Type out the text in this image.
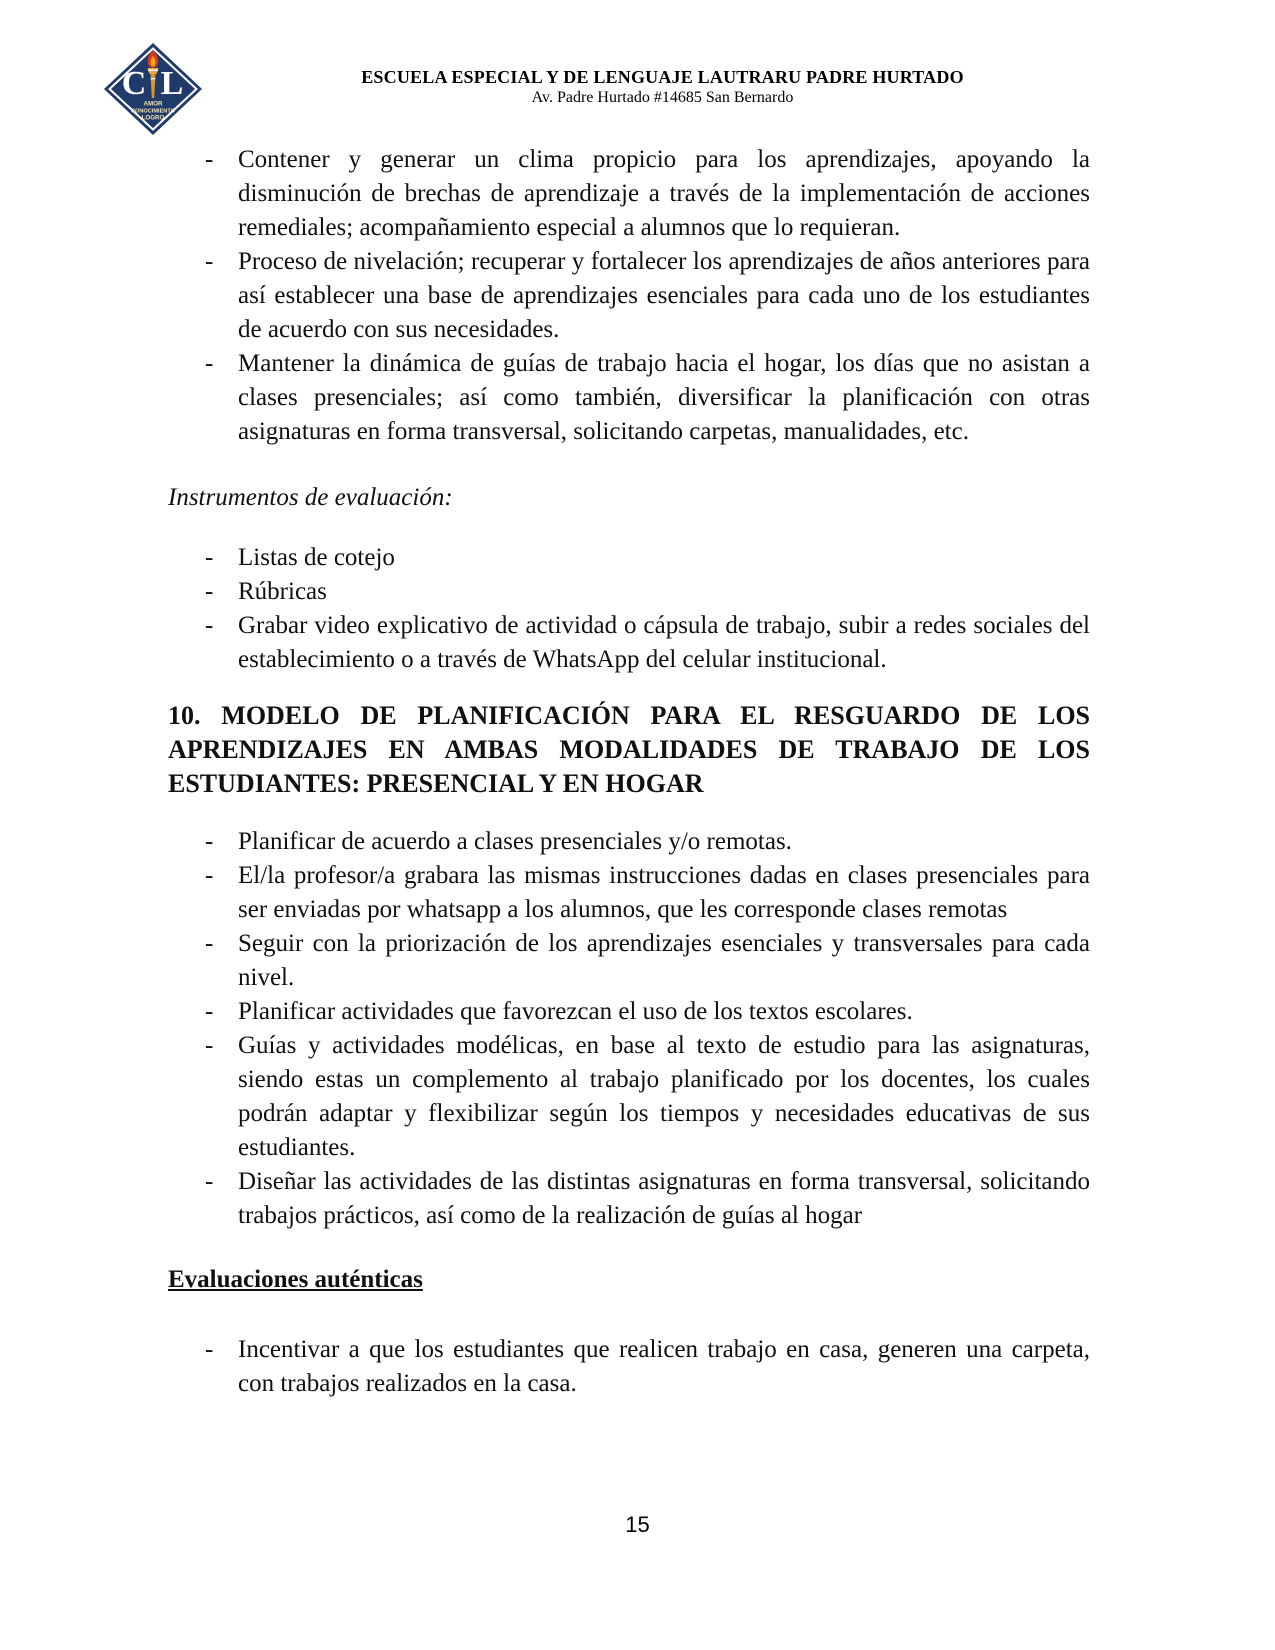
C L
AMOR
CONOCIMIENTO
LOGRO
ESCUELA ESPECIAL Y DE LENGUAJE LAUTRARU PADRE HURTADO
Av. Padre Hurtado #14685 San Bernardo
- Contener y generar un clima propicio para los aprendizajes, apoyando la disminución de brechas de aprendizaje a través de la implementación de acciones remediales; acompañamiento especial a alumnos que lo requieran.
- Proceso de nivelación; recuperar y fortalecer los aprendizajes de años anteriores para así establecer una base de aprendizajes esenciales para cada uno de los estudiantes de acuerdo con sus necesidades.
- Mantener la dinámica de guías de trabajo hacia el hogar, los días que no asistan a clases presenciales; así como también, diversificar la planificación con otras asignaturas en forma transversal, solicitando carpetas, manualidades, etc.

Instrumentos de evaluación:

- Listas de cotejo
- Rúbricas
- Grabar video explicativo de actividad o cápsula de trabajo, subir a redes sociales del establecimiento o a través de WhatsApp del celular institucional.
10. MODELO DE PLANIFICACIÓN PARA EL RESGUARDO DE LOS APRENDIZAJES EN AMBAS MODALIDADES DE TRABAJO DE LOS ESTUDIANTES: PRESENCIAL Y EN HOGAR
- Planificar de acuerdo a clases presenciales y/o remotas.
- El/la profesor/a grabara las mismas instrucciones dadas en clases presenciales para ser enviadas por whatsapp a los alumnos, que les corresponde clases remotas
- Seguir con la priorización de los aprendizajes esenciales y transversales para cada nivel.
- Planificar actividades que favorezcan el uso de los textos escolares.
- Guías y actividades modélicas, en base al texto de estudio para las asignaturas, siendo estas un complemento al trabajo planificado por los docentes, los cuales podrán adaptar y flexibilizar según los tiempos y necesidades educativas de sus estudiantes.
- Diseñar las actividades de las distintas asignaturas en forma transversal, solicitando trabajos prácticos, así como de la realización de guías al hogar
Evaluaciones auténticas
- Incentivar a que los estudiantes que realicen trabajo en casa, generen una carpeta, con trabajos realizados en la casa.
15
